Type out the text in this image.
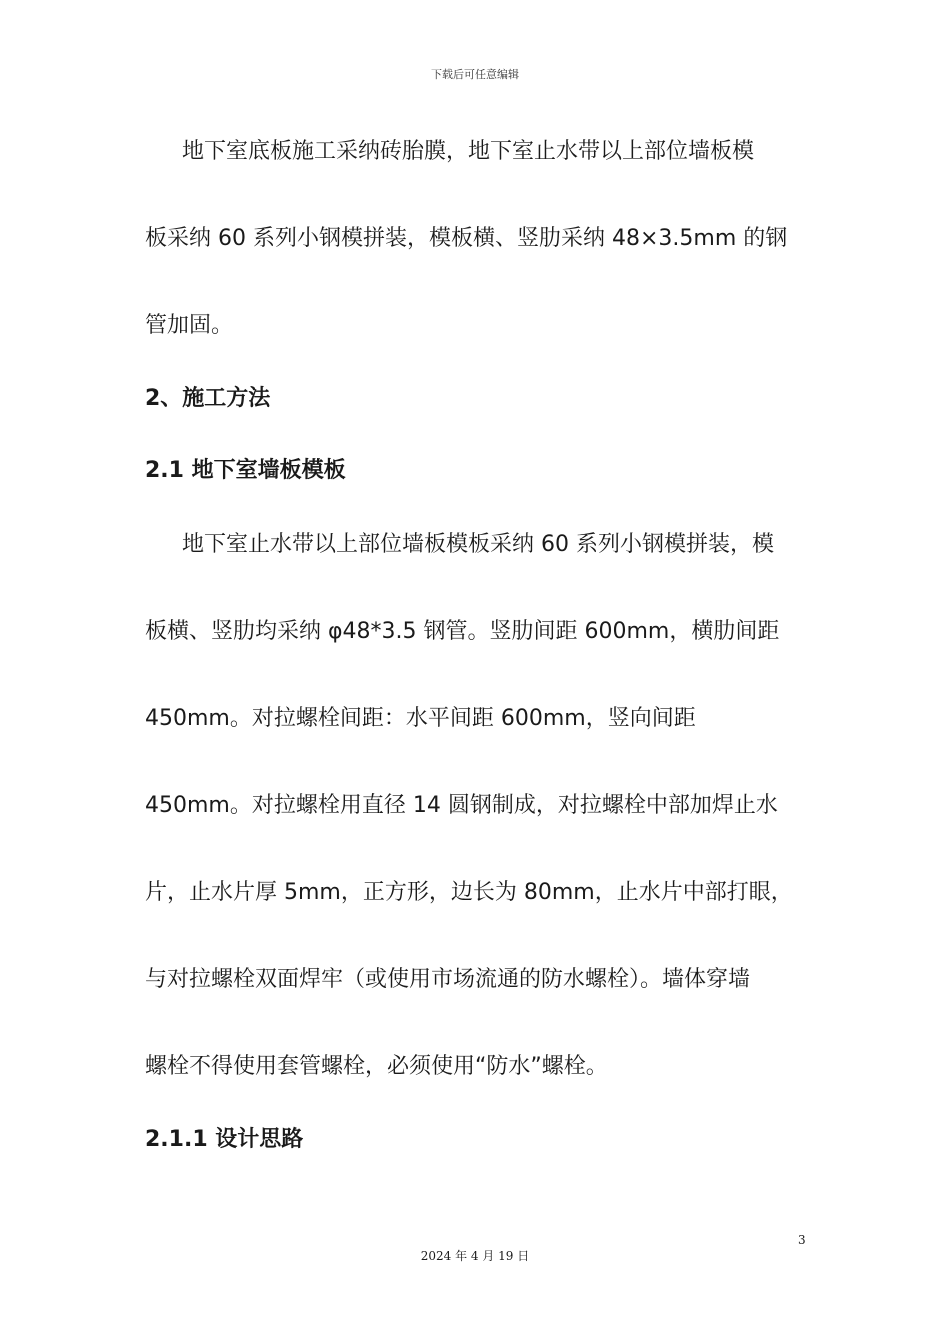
下载后可任意编辑
地下室底板施工采纳砖胎膜，地下室止水带以上部位墙板模
板采纳 60 系列小钢模拼装，模板横、竖肋采纳 48×3.5mm 的钢
管加固。
2、施工方法
2.1 地下室墙板模板
地下室止水带以上部位墙板模板采纳 60 系列小钢模拼装，模
板横、竖肋均采纳 φ48*3.5 钢管。竖肋间距 600mm，横肋间距
450mm。对拉螺栓间距：水平间距 600mm，竖向间距
450mm。对拉螺栓用直径 14 圆钢制成，对拉螺栓中部加焊止水
片，止水片厚 5mm，正方形，边长为 80mm，止水片中部打眼，
与对拉螺栓双面焊牢（或使用市场流通的防水螺栓）。墙体穿墙
螺栓不得使用套管螺栓，必须使用“防水”螺栓。
2.1.1 设计思路
3
2024 年 4 月 19 日
